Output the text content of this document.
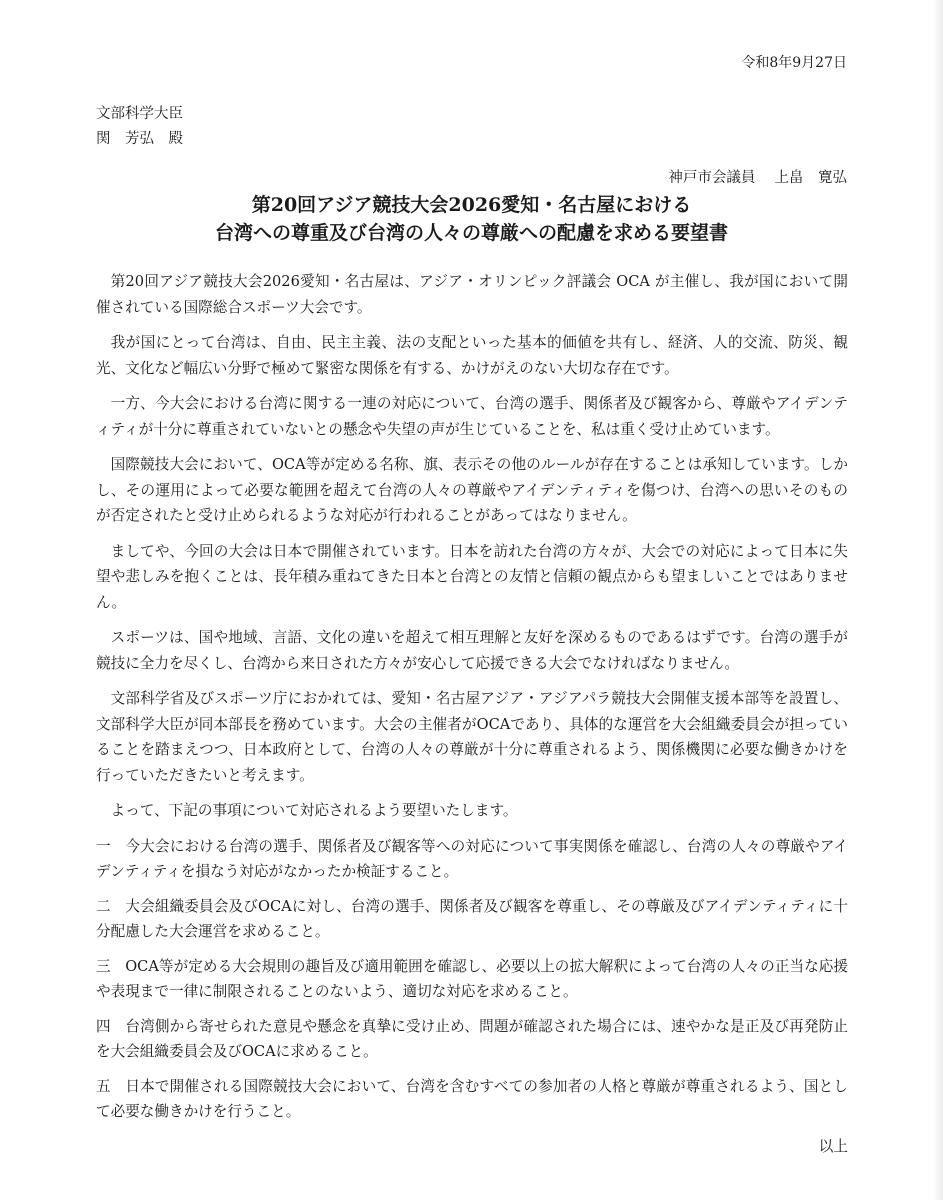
令和8年9月27日
文部科学大臣
関　芳弘　殿
神戸市会議員　 上畠　寛弘
第20回アジア競技大会2026愛知・名古屋における
台湾への尊重及び台湾の人々の尊厳への配慮を求める要望書

第20回アジア競技大会2026愛知・名古屋は、アジア・オリンピック評議会 OCA が主催し、我が国において開催されている国際総合スポーツ大会です。

我が国にとって台湾は、自由、民主主義、法の支配といった基本的価値を共有し、経済、人的交流、防災、観光、文化など幅広い分野で極めて緊密な関係を有する、かけがえのない大切な存在です。

一方、今大会における台湾に関する一連の対応について、台湾の選手、関係者及び観客から、尊厳やアイデンティティが十分に尊重されていないとの懸念や失望の声が生じていることを、私は重く受け止めています。

国際競技大会において、OCA等が定める名称、旗、表示その他のルールが存在することは承知しています。しかし、その運用によって必要な範囲を超えて台湾の人々の尊厳やアイデンティティを傷つけ、台湾への思いそのものが否定されたと受け止められるような対応が行われることがあってはなりません。

ましてや、今回の大会は日本で開催されています。日本を訪れた台湾の方々が、大会での対応によって日本に失望や悲しみを抱くことは、長年積み重ねてきた日本と台湾との友情と信頼の観点からも望ましいことではありません。

スポーツは、国や地域、言語、文化の違いを超えて相互理解と友好を深めるものであるはずです。台湾の選手が競技に全力を尽くし、台湾から来日された方々が安心して応援できる大会でなければなりません。

文部科学省及びスポーツ庁におかれては、愛知・名古屋アジア・アジアパラ競技大会開催支援本部等を設置し、文部科学大臣が同本部長を務めています。大会の主催者がOCAであり、具体的な運営を大会組織委員会が担っていることを踏まえつつ、日本政府として、台湾の人々の尊厳が十分に尊重されるよう、関係機関に必要な働きかけを行っていただきたいと考えます。

よって、下記の事項について対応されるよう要望いたします。

一 今大会における台湾の選手、関係者及び観客等への対応について事実関係を確認し、台湾の人々の尊厳やアイデンティティを損なう対応がなかったか検証すること。
二 大会組織委員会及びOCAに対し、台湾の選手、関係者及び観客を尊重し、その尊厳及びアイデンティティに十分配慮した大会運営を求めること。
三 OCA等が定める大会規則の趣旨及び適用範囲を確認し、必要以上の拡大解釈によって台湾の人々の正当な応援や表現まで一律に制限されることのないよう、適切な対応を求めること。
四 台湾側から寄せられた意見や懸念を真摯に受け止め、問題が確認された場合には、速やかな是正及び再発防止を大会組織委員会及びOCAに求めること。
五 日本で開催される国際競技大会において、台湾を含むすべての参加者の人格と尊厳が尊重されるよう、国として必要な働きかけを行うこと。
以上
